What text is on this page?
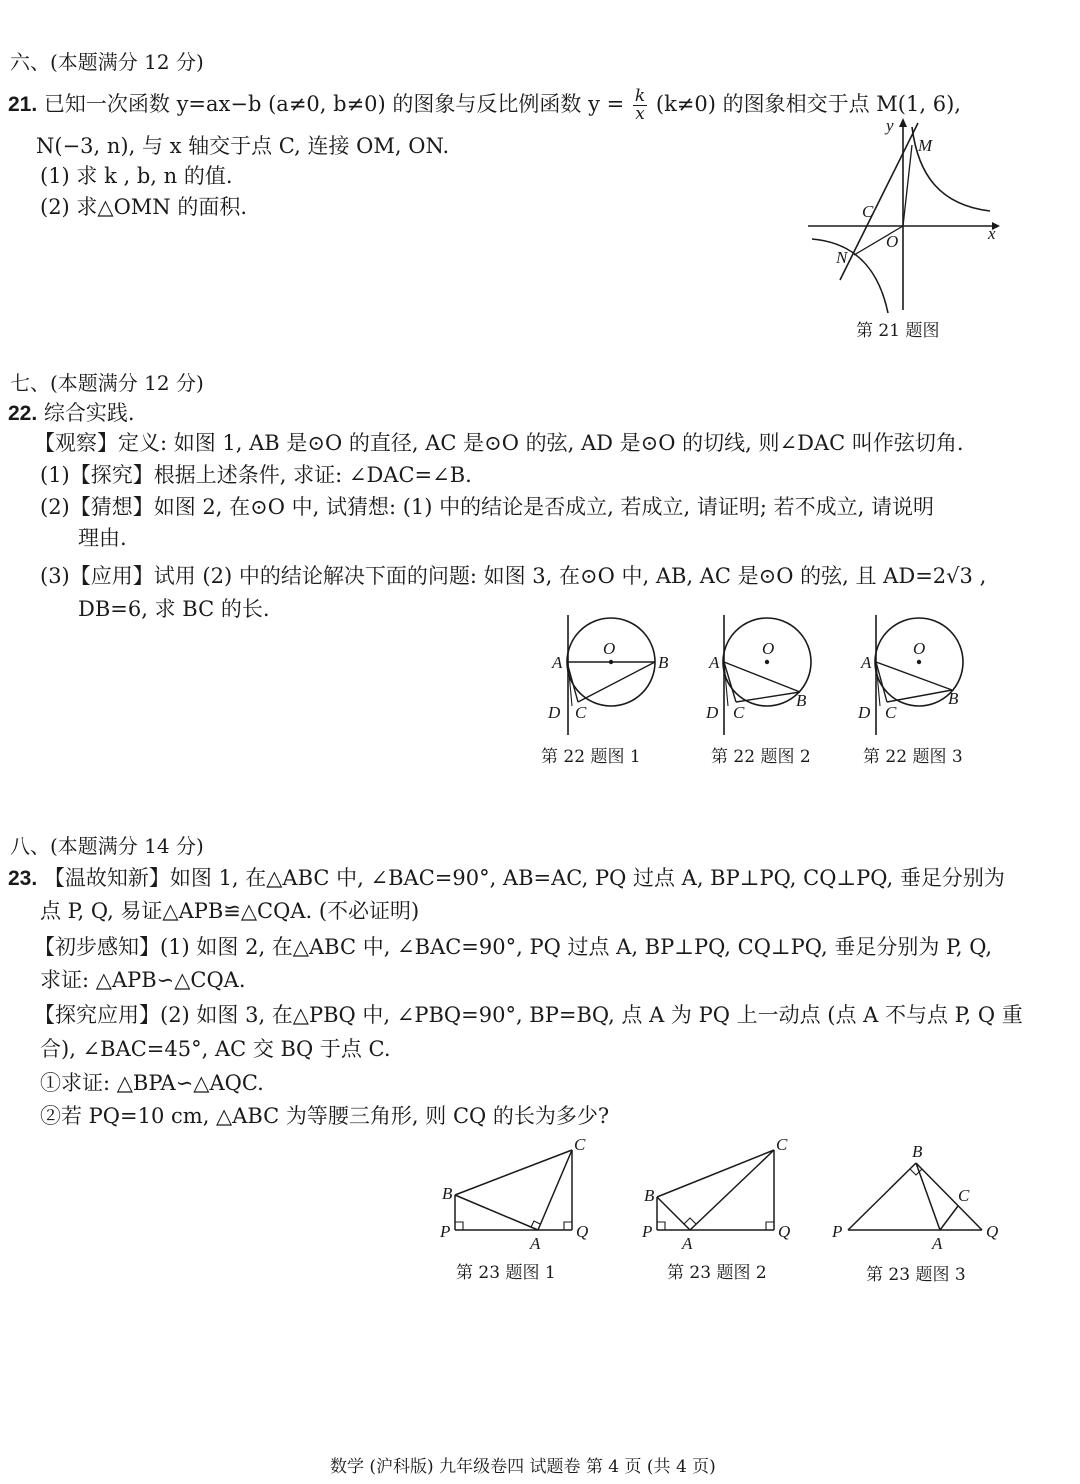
六、(本题满分 12 分)
21. 已知一次函数 y=ax−b (a≠0, b≠0) 的图象与反比例函数 $y = \frac{k}{x} (k\ne 0)$ 的图象相交于点 M(1, 6),
N(−3, n), 与 x 轴交于点 C, 连接 OM, ON.
(1) 求 k , b, n 的值.
(2) 求△OMN 的面积.
y
x
M
C
O
N
第 21 题图
七、(本题满分 12 分)
22. 综合实践.
【观察】定义: 如图 1, AB 是⊙O 的直径, AC 是⊙O 的弦, AD 是⊙O 的切线, 则∠DAC 叫作弦切角.
(1)【探究】根据上述条件, 求证: ∠DAC=∠B.
(2)【猜想】如图 2, 在⊙O 中, 试猜想: (1) 中的结论是否成立, 若成立, 请证明; 若不成立, 请说明
理由.
(3)【应用】试用 (2) 中的结论解决下面的问题: 如图 3, 在⊙O 中, AB, AC 是⊙O 的弦, 且 AD=2√3 ,
DB=6, 求 BC 的长.
A
O
B
D C
第 22 题图 1
A
O
B
D C
第 22 题图 2
A
O
B
D C
第 22 题图 3
八、(本题满分 14 分)
23. 【温故知新】如图 1, 在△ABC 中, ∠BAC=90°, AB=AC, PQ 过点 A, BP⊥PQ, CQ⊥PQ, 垂足分别为
点 P, Q, 易证△APB≌△CQA. (不必证明)
【初步感知】(1) 如图 2, 在△ABC 中, ∠BAC=90°, PQ 过点 A, BP⊥PQ, CQ⊥PQ, 垂足分别为 P, Q,
求证: △APB∽△CQA.
【探究应用】(2) 如图 3, 在△PBQ 中, ∠PBQ=90°, BP=BQ, 点 A 为 PQ 上一动点 (点 A 不与点 P, Q 重
合), ∠BAC=45°, AC 交 BQ 于点 C.
①求证: △BPA∽△AQC.
②若 PQ=10 cm, △ABC 为等腰三角形, 则 CQ 的长为多少?
B
P
A
Q
C
第 23 题图 1
B
P
A
Q
C
第 23 题图 2
B
P
A
Q
C
第 23 题图 3
数学 (沪科版) 九年级卷四 试题卷 第 4 页 (共 4 页)
